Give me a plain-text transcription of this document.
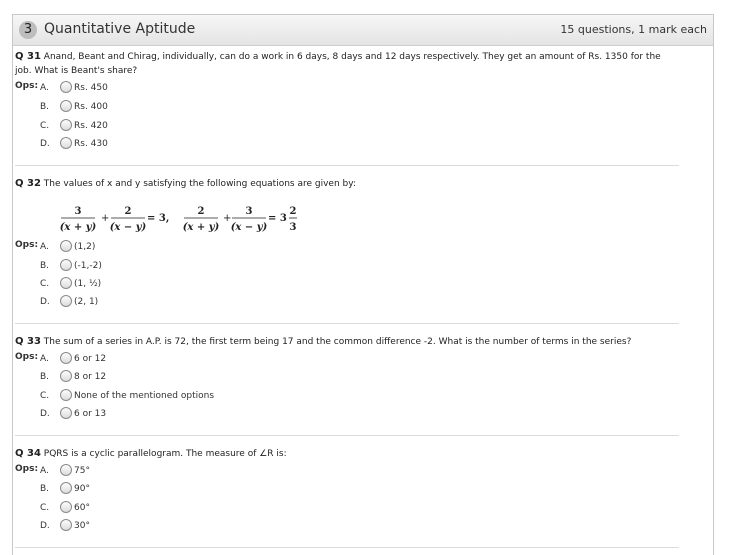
3 Quantitative Aptitude	15 questions, 1 mark each
Q 31 Anand, Beant and Chirag, individually, can do a work in 6 days, 8 days and 12 days respectively. They get an amount of Rs. 1350 for the job. What is Beant's share?
Ops: A.	Rs. 450
B.	Rs. 400
C.	Rs. 420
D.	Rs. 430
Q 32 The values of x and y satisfying the following equations are given by:
3
(x + y)
+
2
(x − y)
= 3,
2
(x + y)
+
3
(x − y)
= 3
2
3
Ops: A.	(1,2)
B.	(-1,-2)
C.	(1, ½)
D.	(2, 1)
Q 33 The sum of a series in A.P. is 72, the first term being 17 and the common difference -2. What is the number of terms in the series?
Ops: A.	6 or 12
B.	8 or 12
C.	None of the mentioned options
D.	6 or 13
Q 34 PQRS is a cyclic parallelogram. The measure of ∠R is:
Ops: A.	75°
B.	90°
C.	60°
D.	30°
